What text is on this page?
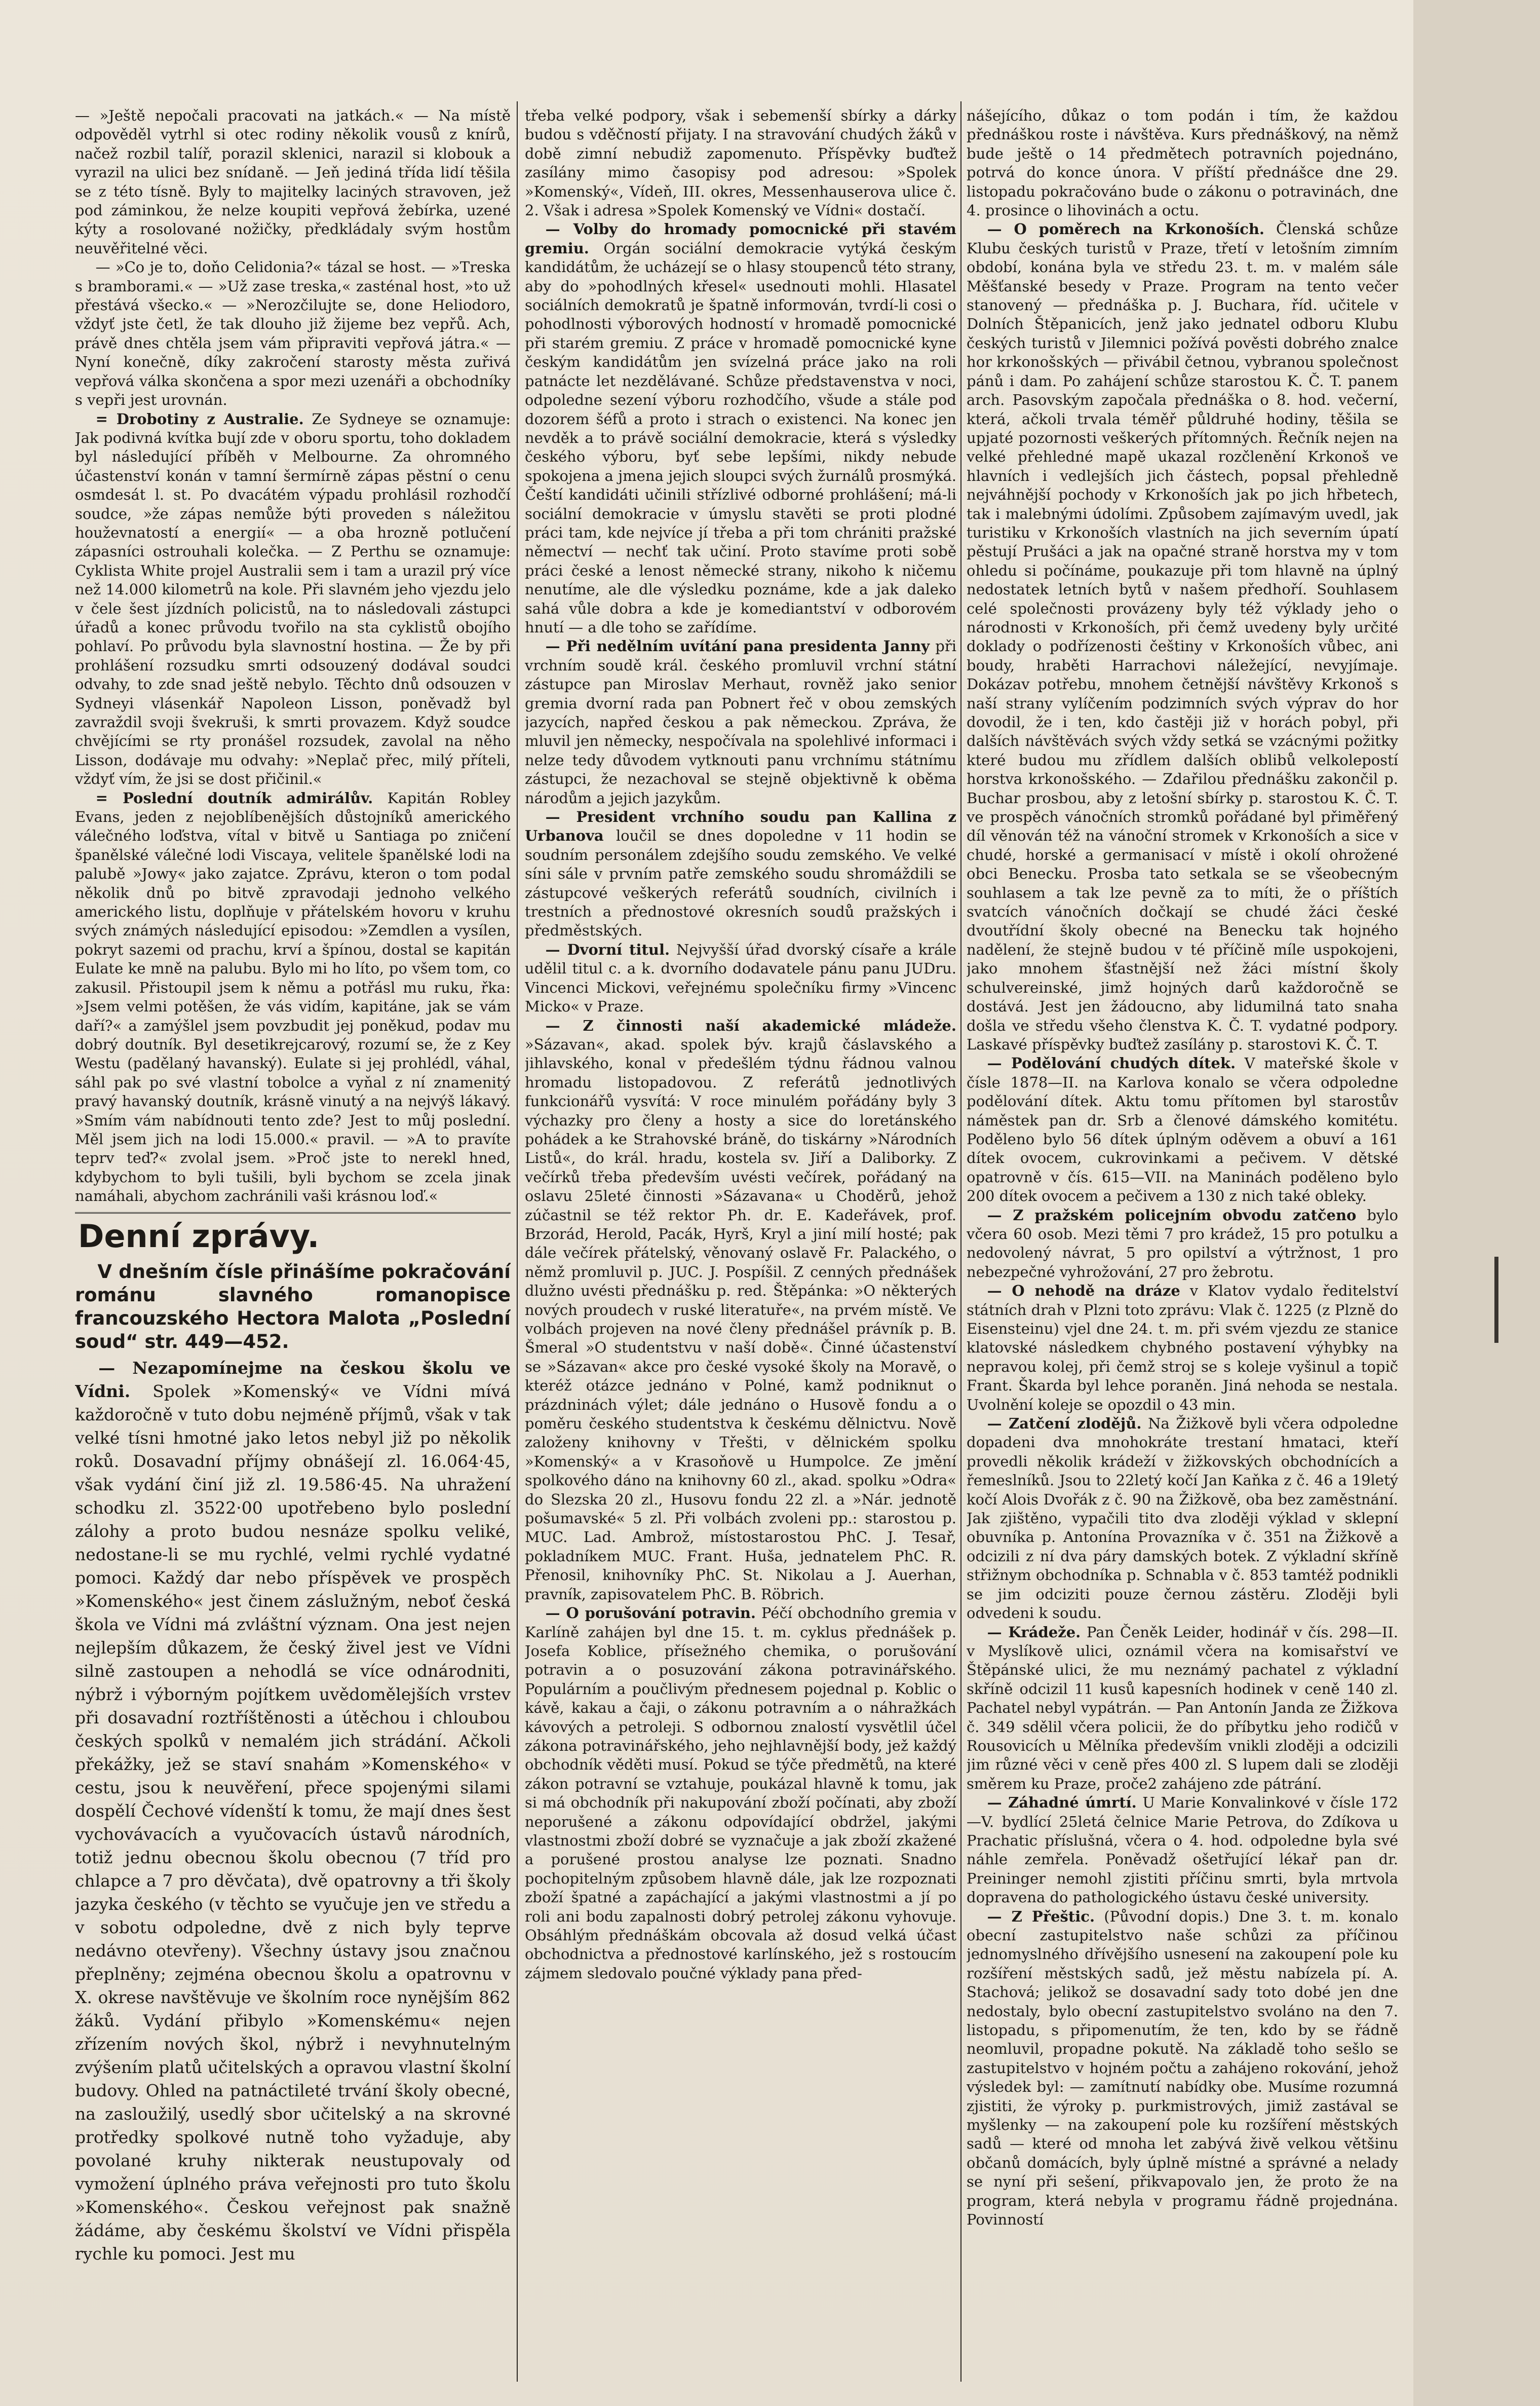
— »Ještě nepočali pracovati na jatkách.« — Na místě odpověděl vytrhl si otec rodiny několik vousů z knírů, načež rozbil talíř, porazil sklenici, narazil si klobouk a vyrazil na ulici bez snídaně. — Jeň jediná třída lidí těšila se z této tísně. Byly to majitelky laciných stravoven, jež pod záminkou, že nelze koupiti vepřová žebírka, uzené kýty a rosolované nožičky, předkládaly svým hostům neuvěřitelné věci.

— »Co je to, doňo Celidonia?« tázal se host. — »Treska s bramborami.« — »Už zase treska,« zasténal host, »to už přestává všecko.« — »Nerozčilujte se, done Heliodoro, vždyť jste četl, že tak dlouho již žijeme bez vepřů. Ach, právě dnes chtěla jsem vám připraviti vepřová játra.« — Nyní konečně, díky zakročení starosty města zuřivá vepřová válka skončena a spor mezi uzenáři a obchodníky s vepři jest urovnán.

= Drobotiny z Australie. Ze Sydneye se oznamuje: Jak podivná kvítka bují zde v oboru sportu, toho dokladem byl následující příběh v Melbourne. Za ohromného účastenství konán v tamní šermírně zápas pěstní o cenu osmdesát l. st. Po dvacátém výpadu prohlásil rozhodčí soudce, »že zápas nemůže býti proveden s náležitou houževnatostí a energií« — a oba hrozně potlučení zápasníci ostrouhali kolečka. — Z Perthu se oznamuje: Cyklista White projel Australii sem i tam a urazil prý více než 14.000 kilometrů na kole. Při slavném jeho vjezdu jelo v čele šest jízdních policistů, na to následovali zástupci úřadů a konec průvodu tvořilo na sta cyklistů obojího pohlaví. Po průvodu byla slavnostní hostina. — Že by při prohlášení rozsudku smrti odsouzený dodával soudci odvahy, to zde snad ještě nebylo. Těchto dnů odsouzen v Sydneyi vlásenkář Napoleon Lisson, poněvadž byl zavraždil svoji švekruši, k smrti provazem. Když soudce chvějícími se rty pronášel rozsudek, zavolal na něho Lisson, dodávaje mu odvahy: »Neplač přec, milý příteli, vždyť vím, že jsi se dost přičinil.«

= Poslední doutník admirálův. Kapitán Robley Evans, jeden z nejoblíbenějších důstojníků amerického válečného loďstva, vítal v bitvě u Santiaga po zničení španělské válečné lodi Viscaya, velitele španělské lodi na palubě »Jowy« jako zajatce. Zprávu, kteron o tom podal několik dnů po bitvě zpravodaji jednoho velkého amerického listu, doplňuje v přátelském hovoru v kruhu svých známých následující episodou: »Zemdlen a vysílen, pokryt sazemi od prachu, krví a špínou, dostal se kapitán Eulate ke mně na palubu. Bylo mi ho líto, po všem tom, co zakusil. Přistoupil jsem k němu a potřásl mu ruku, řka: »Jsem velmi potěšen, že vás vidím, kapitáne, jak se vám daří?« a zamýšlel jsem povzbudit jej poněkud, podav mu dobrý doutník. Byl desetikrejcarový, rozumí se, že z Key Westu (padělaný havanský). Eulate si jej prohlédl, váhal, sáhl pak po své vlastní tobolce a vyňal z ní znamenitý pravý havanský doutník, krásně vinutý a na nejvýš lákavý. »Smím vám nabídnouti tento zde? Jest to můj poslední. Měl jsem jich na lodi 15.000.« pravil. — »A to pravíte teprv teď?« zvolal jsem. »Proč jste to nerekl hned, kdybychom to byli tušili, byli bychom se zcela jinak namáhali, abychom zachránili vaši krásnou loď.«

Denní zprávy.

V dnešním čísle přinášíme pokračování románu slavného romanopisce francouzského Hectora Malota „Poslední soud“ str. 449—452.

— Nezapomínejme na českou školu ve Vídni. Spolek »Komenský« ve Vídni mívá každoročně v tuto dobu nejméně příjmů, však v tak velké tísni hmotné jako letos nebyl již po několik roků. Dosavadní příjmy obnášejí zl. 16.064·45, však vydání činí již zl. 19.586·45. Na uhražení schodku zl. 3522·00 upotřebeno bylo poslední zálohy a proto budou nesnáze spolku veliké, nedostane-li se mu rychlé, velmi rychlé vydatné pomoci. Každý dar nebo příspěvek ve prospěch »Komenského« jest činem záslužným, neboť česká škola ve Vídni má zvláštní význam. Ona jest nejen nejlepším důkazem, že český živel jest ve Vídni silně zastoupen a nehodlá se více odnárodniti, nýbrž i výborným pojítkem uvědomělejších vrstev při dosavadní roztříštěnosti a útěchou i chloubou českých spolků v nemalém jich strádání. Ačkoli překážky, jež se staví snahám »Komenského« v cestu, jsou k neuvěření, přece spojenými silami dospělí Čechové vídenští k tomu, že mají dnes šest vychovávacích a vyučovacích ústavů národních, totiž jednu obecnou školu obecnou (7 tříd pro chlapce a 7 pro děvčata), dvě opatrovny a tři školy jazyka českého (v těchto se vyučuje jen ve středu a v sobotu odpoledne, dvě z nich byly teprve nedávno otevřeny). Všechny ústavy jsou značnou přeplněny; zejména obecnou školu a opatrovnu v X. okrese navštěvuje ve školním roce nynějším 862 žáků. Vydání přibylo »Komenskému« nejen zřízením nových škol, nýbrž i nevyhnutelným zvýšením platů učitelských a opravou vlastní školní budovy. Ohled na patnáctileté trvání školy obecné, na zasloužilý, usedlý sbor učitelský a na skrovné protředky spolkové nutně toho vyžaduje, aby povolané kruhy nikterak neustupovaly od vymožení úplného práva veřejnosti pro tuto školu »Komenského«. Českou veřejnost pak snažně žádáme, aby českému školství ve Vídni přispěla rychle ku pomoci. Jest mu

třeba velké podpory, však i sebemenší sbírky a dárky budou s vděčností přijaty. I na stravování chudých žáků v době zimní nebudiž zapomenuto. Příspěvky buďtež zasílány mimo časopisy pod adresou: »Spolek »Komenský«, Vídeň, III. okres, Messenhauserova ulice č. 2. Však i adresa »Spolek Komenský ve Vídni« dostačí.

— Volby do hromady pomocnické při stavém gremiu. Orgán sociální demokracie vytýká českým kandidátům, že ucházejí se o hlasy stoupenců této strany, aby do »pohodlných křesel« usednouti mohli. Hlasatel sociálních demokratů je špatně informován, tvrdí-li cosi o pohodlnosti výborových hodností v hromadě pomocnické při starém gremiu. Z práce v hromadě pomocnické kyne českým kandidátům jen svízelná práce jako na roli patnácte let nezdělávané. Schůze představenstva v noci, odpoledne sezení výboru rozhodčího, všude a stále pod dozorem šéfů a proto i strach o existenci. Na konec jen nevděk a to právě sociální demokracie, která s výsledky českého výboru, byť sebe lepšími, nikdy nebude spokojena a jmena jejich sloupci svých žurnálů prosmýká. Čeští kandidáti učinili střízlivé odborné prohlášení; má-li sociální demokracie v úmyslu stavěti se proti plodné práci tam, kde nejvíce jí třeba a při tom chrániti pražské němectví — nechť tak učiní. Proto stavíme proti sobě práci české a lenost německé strany, nikoho k ničemu nenutíme, ale dle výsledku poznáme, kde a jak daleko sahá vůle dobra a kde je komediantství v odborovém hnutí — a dle toho se zařídíme.

— Při nedělním uvítání pana presidenta Janny při vrchním soudě král. českého promluvil vrchní státní zástupce pan Miroslav Merhaut, rovněž jako senior gremia dvorní rada pan Pobnert řeč v obou zemských jazycích, napřed českou a pak německou. Zpráva, že mluvil jen německy, nespočívala na spolehlivé informaci i nelze tedy důvodem vytknouti panu vrchnímu státnímu zástupci, že nezachoval se stejně objektivně k oběma národům a jejich jazykům.

— President vrchního soudu pan Kallina z Urbanova loučil se dnes dopoledne v 11 hodin se soudním personálem zdejšího soudu zemského. Ve velké síni sále v prvním patře zemského soudu shromáždili se zástupcové veškerých referátů soudních, civilních i trestních a přednostové okresních soudů pražských i předměstských.

— Dvorní titul. Nejvyšší úřad dvorský císaře a krále udělil titul c. a k. dvorního dodavatele pánu panu JUDru. Vincenci Mickovi, veřejnému společníku firmy »Vincenc Micko« v Praze.

— Z činnosti naší akademické mládeže. »Sázavan«, akad. spolek býv. krajů čáslavského a jihlavského, konal v předešlém týdnu řádnou valnou hromadu listopadovou. Z referátů jednotlivých funkcionářů vysvítá: V roce minulém pořádány byly 3 výchazky pro členy a hosty a sice do loretánského pohádek a ke Strahovské bráně, do tiskárny »Národních Listů«, do král. hradu, kostela sv. Jiří a Daliborky. Z večírků třeba především uvésti večírek, pořádaný na oslavu 25leté činnosti »Sázavana« u Choděrů, jehož zúčastnil se též rektor Ph. dr. E. Kadeřávek, prof. Brzorád, Herold, Pacák, Hyrš, Kryl a jiní milí hosté; pak dále večírek přátelský, věnovaný oslavě Fr. Palackého, o němž promluvil p. JUC. J. Pospíšil. Z cenných přednášek dlužno uvésti přednášku p. red. Štěpánka: »O některých nových proudech v ruské literatuře«, na prvém místě. Ve volbách projeven na nové členy přednášel právník p. B. Šmeral »O studentstvu v naší době«. Činné účastenství se »Sázavan« akce pro české vysoké školy na Moravě, o kteréž otázce jednáno v Polné, kamž podniknut o prázdninách výlet; dále jednáno o Husově fondu a o poměru českého studentstva k českému dělnictvu. Nově založeny knihovny v Třešti, v dělnickém spolku »Komenský« a v Krasoňově u Humpolce. Ze jmění spolkového dáno na knihovny 60 zl., akad. spolku »Odra« do Slezska 20 zl., Husovu fondu 22 zl. a »Nár. jednotě pošumavské« 5 zl. Při volbách zvoleni pp.: starostou p. MUC. Lad. Ambrož, místostarostou PhC. J. Tesař, pokladníkem MUC. Frant. Huša, jednatelem PhC. R. Přenosil, knihovníky PhC. St. Nikolau a J. Auerhan, pravník, zapisovatelem PhC. B. Röbrich.

— O porušování potravin. Péčí obchodního gremia v Karlíně zahájen byl dne 15. t. m. cyklus přednášek p. Josefa Koblice, přísežného chemika, o porušování potravin a o posuzování zákona potravinářského. Populárním a poučlivým přednesem pojednal p. Koblic o kávě, kakau a čaji, o zákonu potravním a o náhražkách kávových a petroleji. S odbornou znalostí vysvětlil účel zákona potravinářského, jeho nejhlavnější body, jež každý obchodník věděti musí. Pokud se týče předmětů, na které zákon potravní se vztahuje, poukázal hlavně k tomu, jak si má obchodník při nakupování zboží počínati, aby zboží neporušené a zákonu odpovídající obdržel, jakými vlastnostmi zboží dobré se vyznačuje a jak zboží zkažené a porušené prostou analyse lze poznati. Snadno pochopitelným způsobem hlavně dále, jak lze rozpoznati zboží špatné a zapáchající a jakými vlastnostmi a jí po roli ani bodu zapalnosti dobrý petrolej zákonu vyhovuje. Obsáhlým přednáškám obcovala až dosud velká účast obchodnictva a přednostové karlínského, jež s rostoucím zájmem sledovalo poučné výklady pana před-

nášejícího, důkaz o tom podán i tím, že každou přednáškou roste i návštěva. Kurs přednáškový, na němž bude ještě o 14 předmětech potravních pojednáno, potrvá do konce února. V příští přednášce dne 29. listopadu pokračováno bude o zákonu o potravinách, dne 4. prosince o lihovinách a octu.

— O poměrech na Krkonoších. Členská schůze Klubu českých turistů v Praze, třetí v letošním zimním období, konána byla ve středu 23. t. m. v malém sále Měšťanské besedy v Praze. Program na tento večer stanovený — přednáška p. J. Buchara, říd. učitele v Dolních Štěpanicích, jenž jako jednatel odboru Klubu českých turistů v Jilemnici požívá pověsti dobrého znalce hor krkonošských — přivábil četnou, vybranou společnost pánů i dam. Po zahájení schůze starostou K. Č. T. panem arch. Pasovským započala přednáška o 8. hod. večerní, která, ačkoli trvala téměř půldruhé hodiny, těšila se upjaté pozornosti veškerých přítomných. Řečník nejen na velké přehledné mapě ukazal rozčlenění Krkonoš ve hlavních i vedlejších jich částech, popsal přehledně nejváhnější pochody v Krkonoších jak po jich hřbetech, tak i malebnými údolími. Způsobem zajímavým uvedl, jak turistiku v Krkonoších vlastních na jich severním úpatí pěstují Prušáci a jak na opačné straně horstva my v tom ohledu si počínáme, poukazuje při tom hlavně na úplný nedostatek letních bytů v našem předhoří. Souhlasem celé společnosti provázeny byly též výklady jeho o národnosti v Krkonoších, při čemž uvedeny byly určité doklady o podřízenosti češtiny v Krkonoších vůbec, ani boudy, hraběti Harrachovi náležející, nevyjímaje. Dokázav potřebu, mnohem četnější návštěvy Krkonoš s naší strany vylíčením podzimních svých výprav do hor dovodil, že i ten, kdo častěji již v horách pobyl, při dalších návštěvách svých vždy setká se vzácnými požitky které budou mu zřídlem dalších oblibů velkolepostí horstva krkonošského. — Zdařilou přednášku zakončil p. Buchar prosbou, aby z letošní sbírky p. starostou K. Č. T. ve prospěch vánočních stromků pořádané byl přiměřený díl věnován též na vánoční stromek v Krkonoších a sice v chudé, horské a germanisací v místě i okolí ohrožené obci Benecku. Prosba tato setkala se se všeobecným souhlasem a tak lze pevně za to míti, že o příštích svatcích vánočních dočkají se chudé žáci české dvoutřídní školy obecné na Benecku tak hojného nadělení, že stejně budou v té příčině míle uspokojeni, jako mnohem šťastnější než žáci místní školy schulvereinské, jimž hojných darů každoročně se dostává. Jest jen žádoucno, aby lidumilná tato snaha došla ve středu všeho členstva K. Č. T. vydatné podpory. Laskavé příspěvky buďtež zasílány p. starostovi K. Č. T.

— Podělování chudých dítek. V mateřské škole v čísle 1878—II. na Karlova konalo se včera odpoledne podělování dítek. Aktu tomu přítomen byl starostův náměstek pan dr. Srb a členové dámského komitétu. Poděleno bylo 56 dítek úplným oděvem a obuví a 161 dítek ovocem, cukrovinkami a pečivem. V dětské opatrovně v čís. 615—VII. na Maninách poděleno bylo 200 dítek ovocem a pečivem a 130 z nich také obleky.

— Z pražském policejním obvodu zatčeno bylo včera 60 osob. Mezi těmi 7 pro krádež, 15 pro potulku a nedovolený návrat, 5 pro opilství a výtržnost, 1 pro nebezpečné vyhrožování, 27 pro žebrotu.

— O nehodě na dráze v Klatov vydalo ředitelství státních drah v Plzni toto zprávu: Vlak č. 1225 (z Plzně do Eisensteinu) vjel dne 24. t. m. při svém vjezdu ze stanice klatovské následkem chybného postavení výhybky na nepravou kolej, při čemž stroj se s koleje vyšinul a topič Frant. Škarda byl lehce poraněn. Jiná nehoda se nestala. Uvolnění koleje se opozdil o 43 min.

— Zatčení zlodějů. Na Žižkově byli včera odpoledne dopadeni dva mnohokráte trestaní hmataci, kteří provedli několik krádeží v žižkovských obchodnících a řemeslníků. Jsou to 22letý kočí Jan Kaňka z č. 46 a 19letý kočí Alois Dvořák z č. 90 na Žižkově, oba bez zaměstnání. Jak zjištěno, vypačili tito dva zloději výklad v sklepní obuvníka p. Antonína Provazníka v č. 351 na Žižkově a odcizili z ní dva páry damských botek. Z výkladní skříně střižnym obchodníka p. Schnabla v č. 853 tamtéž podnikli se jim odciziti pouze černou zástěru. Zloději byli odvedeni k soudu.

— Krádeže. Pan Čeněk Leider, hodinář v čís. 298—II. v Myslíkově ulici, oznámil včera na komisařství ve Štěpánské ulici, že mu neznámý pachatel z výkladní skříně odcizil 11 kusů kapesních hodinek v ceně 140 zl. Pachatel nebyl vypátrán. — Pan Antonín Janda ze Žižkova č. 349 sdělil včera policii, že do příbytku jeho rodičů v Rousovicích u Mělníka především vnikli zloději a odcizili jim různé věci v ceně přes 400 zl. S lupem dali se zloději směrem ku Praze, proče2 zahájeno zde pátrání.

— Záhadné úmrtí. U Marie Konvalinkové v čísle 172—V. bydlící 25letá čelnice Marie Petrova, do Zdíkova u Prachatic příslušná, včera o 4. hod. odpoledne byla své náhle zemřela. Poněvadž ošetřující lékař pan dr. Preininger nemohl zjistiti příčinu smrti, byla mrtvola dopravena do pathologického ústavu české university.

— Z Přeštic. (Původní dopis.) Dne 3. t. m. konalo obecní zastupitelstvo naše schůzi za příčinou jednomyslného dřívějšího usnesení na zakoupení pole ku rozšíření městských sadů, jež městu nabízela pí. A. Stachová; jelikož se dosavadní sady toto dobé jen dne nedostaly, bylo obecní zastupitelstvo svoláno na den 7. listopadu, s připomenutím, že ten, kdo by se řádně neomluvil, propadne pokutě. Na základě toho sešlo se zastupitelstvo v hojném počtu a zahájeno rokování, jehož výsledek byl: — zamítnutí nabídky obe. Musíme rozumná zjistiti, že výroky p. purkmistrových, jimiž zastával se myšlenky — na zakoupení pole ku rozšíření městských sadů — které od mnoha let zabývá živě velkou většinu občanů domácích, byly úplně místné a správné a nelady se nyní při sešení, přikvapovalo jen, že proto že na program, která nebyla v programu řádně projednána. Povinností
